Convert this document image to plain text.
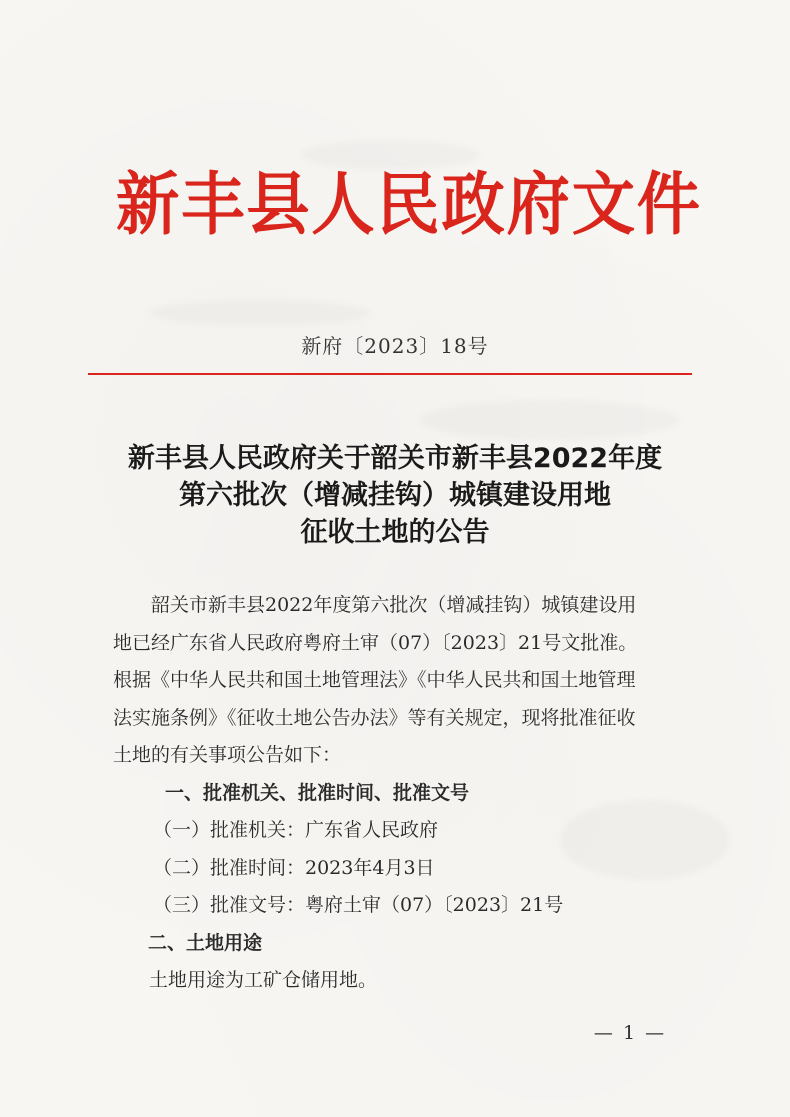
新丰县人民政府文件
新府〔2023〕18号
新丰县人民政府关于韶关市新丰县2022年度
第六批次（增减挂钩）城镇建设用地
征收土地的公告

韶关市新丰县2022年度第六批次（增减挂钩）城镇建设用
地已经广东省人民政府粤府土审（07）〔2023〕21号文批准。
根据《中华人民共和国土地管理法》《中华人民共和国土地管理
法实施条例》《征收土地公告办法》等有关规定，现将批准征收
土地的有关事项公告如下：

一、批准机关、批准时间、批准文号

（一）批准机关：广东省人民政府

（二）批准时间：2023年4月3日

（三）批准文号：粤府土审（07）〔2023〕21号

二、土地用途

土地用途为工矿仓储用地。

— 1 —
